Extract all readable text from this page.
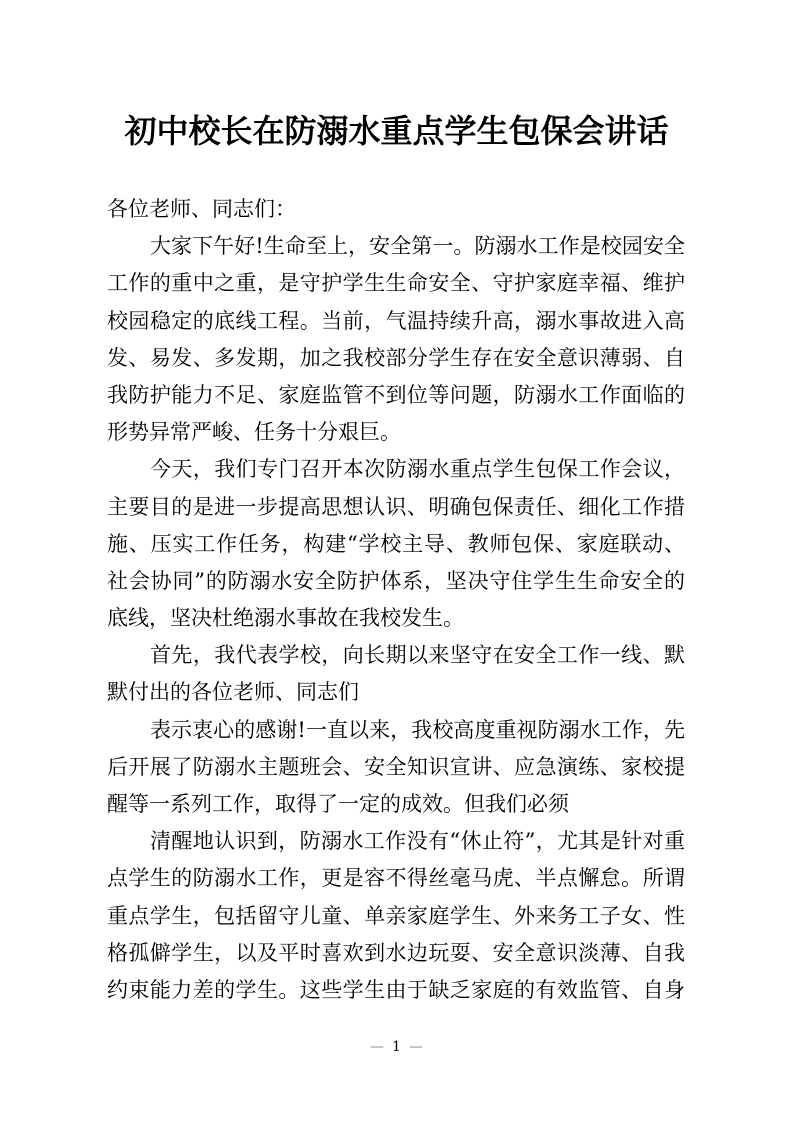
初中校长在防溺水重点学生包保会讲话
各位老师、同志们：
大家下午好!生命至上，安全第一。防溺水工作是校园安全
工作的重中之重，是守护学生生命安全、守护家庭幸福、维护
校园稳定的底线工程。当前，气温持续升高，溺水事故进入高
发、易发、多发期，加之我校部分学生存在安全意识薄弱、自
我防护能力不足、家庭监管不到位等问题，防溺水工作面临的
形势异常严峻、任务十分艰巨。
今天，我们专门召开本次防溺水重点学生包保工作会议，
主要目的是进一步提高思想认识、明确包保责任、细化工作措
施、压实工作任务，构建“学校主导、教师包保、家庭联动、
社会协同”的防溺水安全防护体系，坚决守住学生生命安全的
底线，坚决杜绝溺水事故在我校发生。
首先，我代表学校，向长期以来坚守在安全工作一线、默
默付出的各位老师、同志们
表示衷心的感谢!一直以来，我校高度重视防溺水工作，先
后开展了防溺水主题班会、安全知识宣讲、应急演练、家校提
醒等一系列工作，取得了一定的成效。但我们必须
清醒地认识到，防溺水工作没有“休止符”，尤其是针对重
点学生的防溺水工作，更是容不得丝毫马虎、半点懈怠。所谓
重点学生，包括留守儿童、单亲家庭学生、外来务工子女、性
格孤僻学生，以及平时喜欢到水边玩耍、安全意识淡薄、自我
约束能力差的学生。这些学生由于缺乏家庭的有效监管、自身
— 1 —
